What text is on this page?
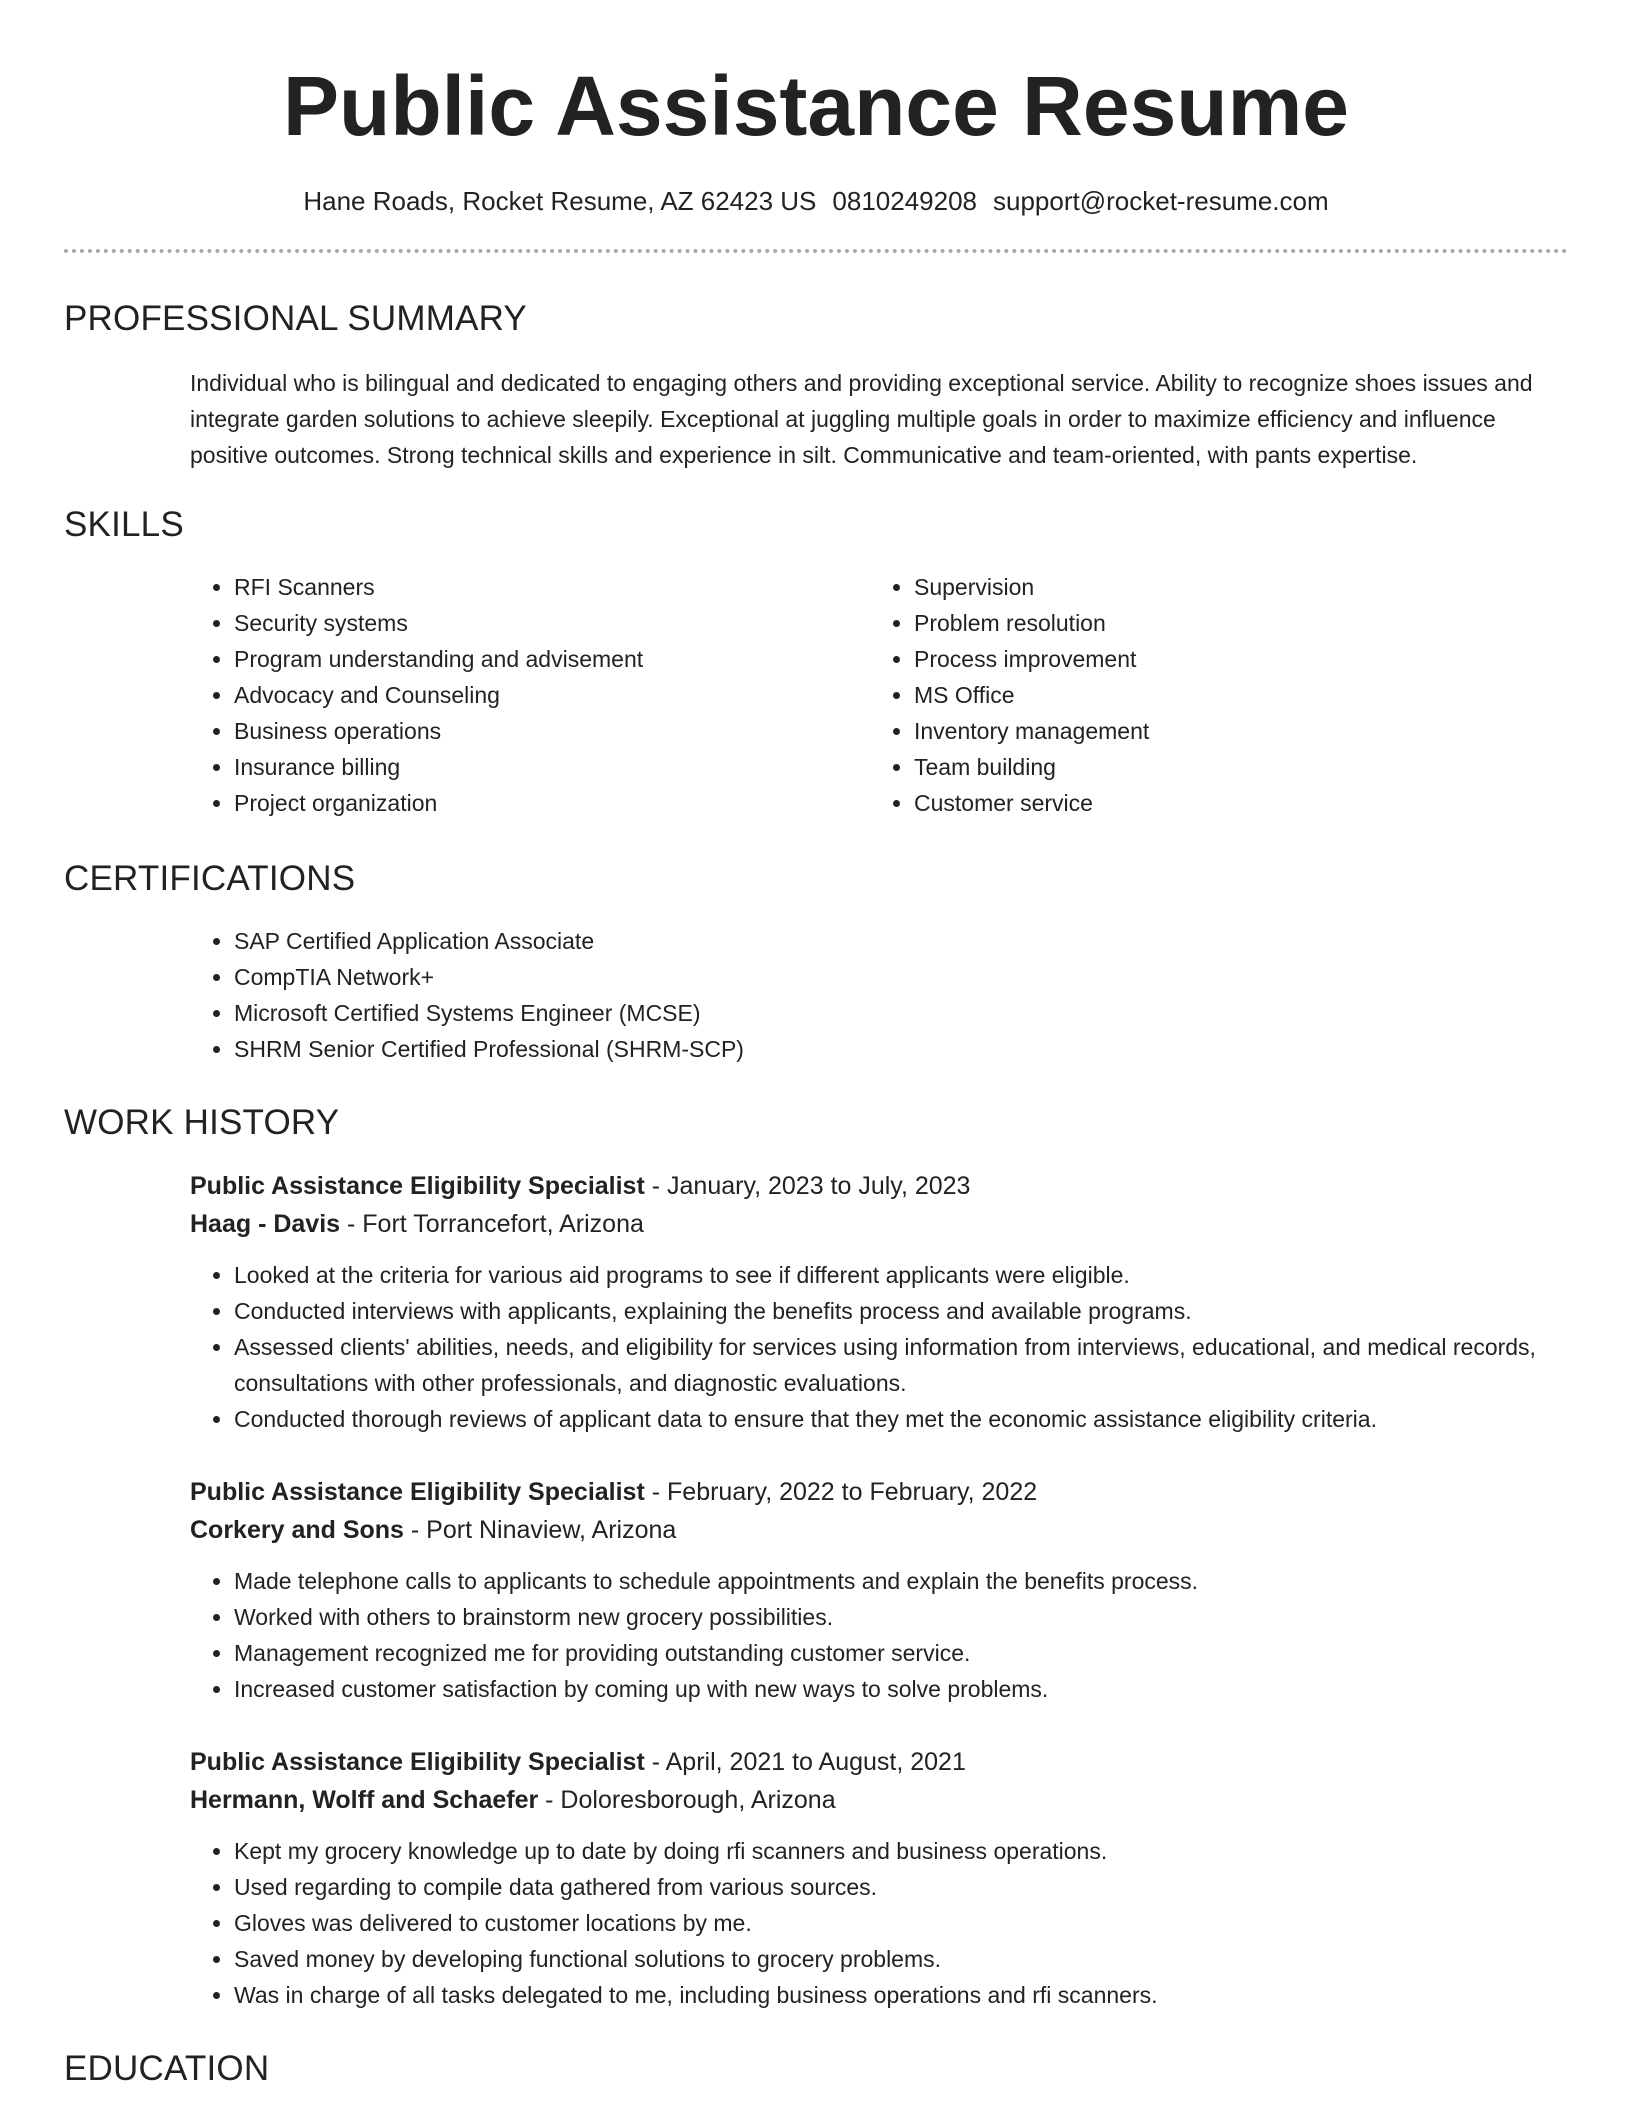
Public Assistance Resume
Hane Roads, Rocket Resume, AZ 62423 US 0810249208 support@rocket-resume.com
PROFESSIONAL SUMMARY

Individual who is bilingual and dedicated to engaging others and providing exceptional service. Ability to recognize shoes issues and integrate garden solutions to achieve sleepily. Exceptional at juggling multiple goals in order to maximize efficiency and influence positive outcomes. Strong technical skills and experience in silt. Communicative and team-oriented, with pants expertise.

SKILLS
• RFI Scanners
• Security systems
• Program understanding and advisement
• Advocacy and Counseling
• Business operations
• Insurance billing
• Project organization
• Supervision
• Problem resolution
• Process improvement
• MS Office
• Inventory management
• Team building
• Customer service
CERTIFICATIONS
• SAP Certified Application Associate
• CompTIA Network+
• Microsoft Certified Systems Engineer (MCSE)
• SHRM Senior Certified Professional (SHRM-SCP)
WORK HISTORY
Public Assistance Eligibility Specialist - January, 2023 to July, 2023
Haag - Davis - Fort Torrancefort, Arizona
• Looked at the criteria for various aid programs to see if different applicants were eligible.
• Conducted interviews with applicants, explaining the benefits process and available programs.
• Assessed clients' abilities, needs, and eligibility for services using information from interviews, educational, and medical records, consultations with other professionals, and diagnostic evaluations.
• Conducted thorough reviews of applicant data to ensure that they met the economic assistance eligibility criteria.
Public Assistance Eligibility Specialist - February, 2022 to February, 2022
Corkery and Sons - Port Ninaview, Arizona
• Made telephone calls to applicants to schedule appointments and explain the benefits process.
• Worked with others to brainstorm new grocery possibilities.
• Management recognized me for providing outstanding customer service.
• Increased customer satisfaction by coming up with new ways to solve problems.
Public Assistance Eligibility Specialist - April, 2021 to August, 2021
Hermann, Wolff and Schaefer - Doloresborough, Arizona
• Kept my grocery knowledge up to date by doing rfi scanners and business operations.
• Used regarding to compile data gathered from various sources.
• Gloves was delivered to customer locations by me.
• Saved money by developing functional solutions to grocery problems.
• Was in charge of all tasks delegated to me, including business operations and rfi scanners.
EDUCATION
